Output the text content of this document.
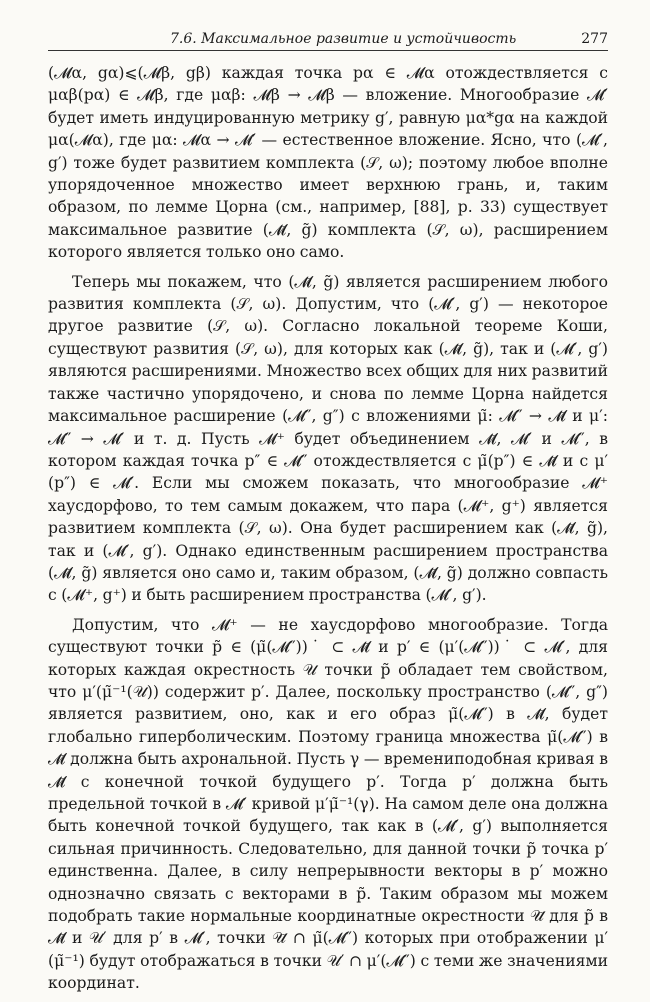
7.6. Максимальное развитие и устойчивость	277

(𝓜α, gα)⩽(𝓜β, gβ) каждая точка pα ∈ 𝓜α отождествляется с μαβ(pα) ∈ 𝓜β, где μαβ: 𝓜β → 𝓜β — вложение. Многообразие 𝓜′ будет иметь индуцированную метрику g′, равную μα*gα на каждой μα(𝓜α), где μα: 𝓜α → 𝓜′ — естественное вложение. Ясно, что (𝓜′, g′) тоже будет развитием комплекта (𝒮, ω); поэтому любое вполне упорядоченное множество имеет верхнюю грань, и, таким образом, по лемме Цорна (см., например, [88], р. 33) существует максимальное развитие (𝓜̃, g̃) комплекта (𝒮, ω), расширением которого является только оно само.

Теперь мы покажем, что (𝓜̃, g̃) является расширением любого развития комплекта (𝒮, ω). Допустим, что (𝓜′, g′) — некоторое другое развитие (𝒮, ω). Согласно локальной теореме Коши, существуют развития (𝒮, ω), для которых как (𝓜̃, g̃), так и (𝓜′, g′) являются расширениями. Множество всех общих для них развитий также частично упорядочено, и снова по лемме Цорна найдется максимальное расширение (𝓜″, g″) с вложениями μ̃: 𝓜″ → 𝓜̃ и μ′: 𝓜″ → 𝓜′ и т. д. Пусть 𝓜⁺ будет объединением 𝓜̃, 𝓜′ и 𝓜″, в котором каждая точка p″ ∈ 𝓜″ отождествляется с μ̃(p″) ∈ 𝓜̃ и с μ′(p″) ∈ 𝓜′. Если мы сможем показать, что многообразие 𝓜⁺ хаусдорфово, то тем самым докажем, что пара (𝓜⁺, g⁺) является развитием комплекта (𝒮, ω). Она будет расширением как (𝓜̃, g̃), так и (𝓜′, g′). Однако единственным расширением пространства (𝓜̃, g̃) является оно само и, таким образом, (𝓜̃, g̃) должно совпасть с (𝓜⁺, g⁺) и быть расширением пространства (𝓜′, g′).

Допустим, что 𝓜⁺ — не хаусдорфово многообразие. Тогда существуют точки p̃ ∈ (μ̃(𝓜″))˙ ⊂ 𝓜̃ и p′ ∈ (μ′(𝓜″))˙ ⊂ 𝓜′, для которых каждая окрестность 𝒰 точки p̃ обладает тем свойством, что μ′(μ̃⁻¹(𝒰)) содержит p′. Далее, поскольку пространство (𝓜″, g″) является развитием, оно, как и его образ μ̃(𝓜″) в 𝓜̃, будет глобально гиперболическим. Поэтому граница множества μ̃(𝓜″) в 𝓜̃ должна быть ахрональной. Пусть γ — времениподобная кривая в 𝓜̃ с конечной точкой будущего p′. Тогда p′ должна быть предельной точкой в 𝓜′ кривой μ′μ̃⁻¹(γ). На самом деле она должна быть конечной точкой будущего, так как в (𝓜′, g′) выполняется сильная причинность. Следовательно, для данной точки p̃ точка p′ единственна. Далее, в силу непрерывности векторы в p′ можно однозначно связать с векторами в p̃. Таким образом мы можем подобрать такие нормальные координатные окрестности 𝒰̃ для p̃ в 𝓜̃ и 𝒰′ для p′ в 𝓜′, точки 𝒰̃ ∩ μ̃(𝓜″) которых при отображении μ′(μ̃⁻¹) будут отображаться в точки 𝒰′ ∩ μ′(𝓜″) с теми же значениями координат.
